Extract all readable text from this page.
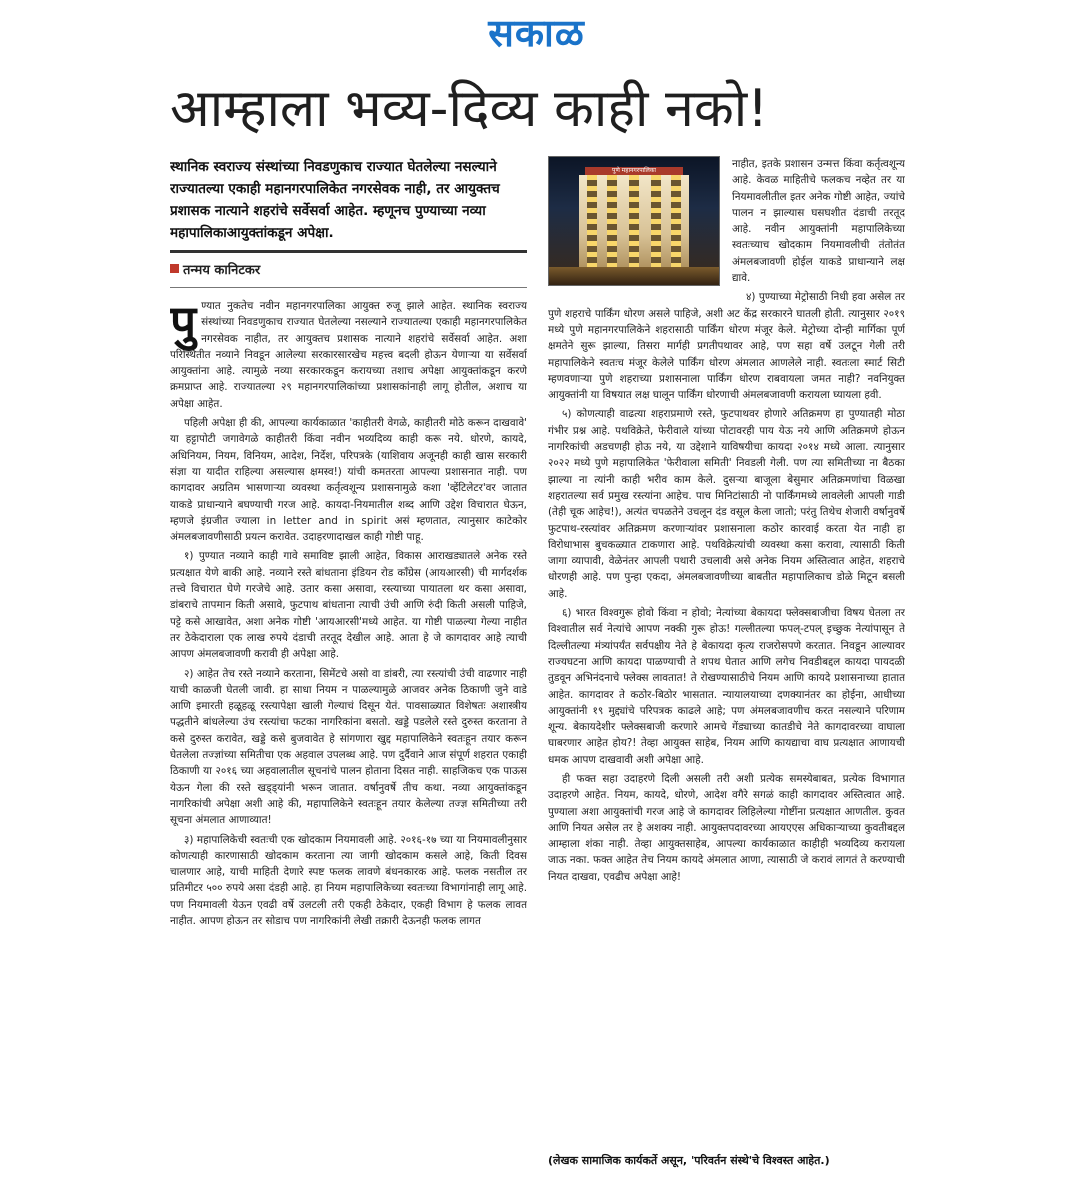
सकाळ
आम्हाला भव्य-दिव्य काही नको!
स्थानिक स्वराज्य संस्थांच्या निवडणुकाच राज्यात घेतलेल्या नसल्याने राज्यातल्या एकाही महानगरपालिकेत नगरसेवक नाही, तर आयुक्तच प्रशासक नात्याने शहरांचे सर्वेसर्वा आहेत. म्हणूनच पुण्याच्या नव्या महापालिकाआयुक्तांकडून अपेक्षा.
तन्मय कानिटकर

पुण्यात नुकतेच नवीन महानगरपालिका आयुक्त रुजू झाले आहेत. स्थानिक स्वराज्य संस्थांच्या निवडणुकाच राज्यात घेतलेल्या नसल्याने राज्यातल्या एकाही महानगरपालिकेत नगरसेवक नाहीत, तर आयुक्तच प्रशासक नात्याने शहरांचे सर्वेसर्वा आहेत. अशा परिस्थितीत नव्याने निवडून आलेल्या सरकारसारखेच महत्त्व बदली होऊन येणाऱ्या या सर्वेसर्वा आयुक्तांना आहे. त्यामुळे नव्या सरकारकडून करायच्या तशाच अपेक्षा आयुक्तांकडून करणे क्रमप्राप्त आहे. राज्यातल्या २९ महानगरपालिकांच्या प्रशासकांनाही लागू होतील, अशाच या अपेक्षा आहेत.

पहिली अपेक्षा ही की, आपल्या कार्यकाळात 'काहीतरी वेगळे, काहीतरी मोठे करून दाखवावे' या हट्टापोटी जगावेगळे काहीतरी किंवा नवीन भव्यदिव्य काही करू नये. धोरणे, कायदे, अधिनियम, नियम, विनियम, आदेश, निर्देश, परिपत्रके (याशिवाय अजूनही काही खास सरकारी संज्ञा या यादीत राहिल्या असल्यास क्षमस्व!) यांची कमतरता आपल्या प्रशासनात नाही. पण कागदावर अग्रतिम भासणाऱ्या व्यवस्था कर्तृत्वशून्य प्रशासनामुळे कशा 'व्हेंटिलेटर'वर जातात याकडे प्राधान्याने बघण्याची गरज आहे. कायदा-नियमातील शब्द आणि उद्देश विचारात घेऊन, म्हणजे इंग्रजीत ज्याला in letter and in spirit असं म्हणतात, त्यानुसार काटेकोर अंमलबजावणीसाठी प्रयत्न करावेत. उदाहरणादाखल काही गोष्टी पाहू.

१) पुण्यात नव्याने काही गावे समाविष्ट झाली आहेत, विकास आराखड्यातले अनेक रस्ते प्रत्यक्षात येणे बाकी आहे. नव्याने रस्ते बांधताना इंडियन रोड काँग्रेस (आयआरसी) ची मार्गदर्शक तत्त्वे विचारात घेणे गरजेचे आहे. उतार कसा असावा, रस्त्याच्या पायातला थर कसा असावा, डांबराचे तापमान किती असावे, फुटपाथ बांधताना त्याची उंची आणि रुंदी किती असली पाहिजे, पट्टे कसे आखावेत, अशा अनेक गोष्टी 'आयआरसी'मध्ये आहेत. या गोष्टी पाळल्या गेल्या नाहीत तर ठेकेदाराला एक लाख रुपये दंडाची तरतूद देखील आहे. आता हे जे कागदावर आहे त्याची आपण अंमलबजावणी करावी ही अपेक्षा आहे.

२) आहेत तेच रस्ते नव्याने करताना, सिमेंटचे असो वा डांबरी, त्या रस्त्यांची उंची वाढणार नाही याची काळजी घेतली जावी. हा साधा नियम न पाळल्यामुळे आजवर अनेक ठिकाणी जुने वाडे आणि इमारती हळूहळू रस्त्यापेक्षा खाली गेल्याचं दिसून येतं. पावसाळ्यात विशेषतः अशास्त्रीय पद्धतीने बांधलेल्या उंच रस्त्यांचा फटका नागरिकांना बसतो. खड्डे पडलेले रस्ते दुरुस्त करताना ते कसे दुरुस्त करावेत, खड्डे कसे बुजवावेत हे सांगणारा खुद्द महापालिकेने स्वतःहून तयार करून घेतलेला तज्ज्ञांच्या समितीचा एक अहवाल उपलब्ध आहे. पण दुर्दैवाने आज संपूर्ण शहरात एकाही ठिकाणी या २०१६ च्या अहवालातील सूचनांचे पालन होताना दिसत नाही. साहजिकच एक पाऊस येऊन गेला की रस्ते खड्ड्यांनी भरून जातात. वर्षानुवर्षे तीच कथा. नव्या आयुक्तांकडून नागरिकांची अपेक्षा अशी आहे की, महापालिकेने स्वतःहून तयार केलेल्या तज्ज्ञ समितीच्या तरी सूचना अंमलात आणाव्यात!

३) महापालिकेची स्वतःची एक खोदकाम नियमावली आहे. २०१६-१७ च्या या नियमावलीनुसार कोणत्याही कारणासाठी खोदकाम करताना त्या जागी खोदकाम कसले आहे, किती दिवस चालणार आहे, याची माहिती देणारे स्पष्ट फलक लावणे बंधनकारक आहे. फलक नसतील तर प्रतिमीटर ५०० रुपये असा दंडही आहे. हा नियम महापालिकेच्या स्वतःच्या विभागांनाही लागू आहे. पण नियमावली येऊन एवढी वर्षे उलटली तरी एकही ठेकेदार, एकही विभाग हे फलक लावत नाहीत. आपण होऊन तर सोडाच पण नागरिकांनी लेखी तक्रारी देऊनही फलक लागत

पुणे महानगरपालिका

नाहीत, इतके प्रशासन उन्मत्त किंवा कर्तृत्वशून्य आहे. केवळ माहितीचे फलकच नव्हेत तर या नियमावलीतील इतर अनेक गोष्टी आहेत, ज्यांचे पालन न झाल्यास घसघशीत दंडाची तरतूद आहे. नवीन आयुक्तांनी महापालिकेच्या स्वतःच्याच खोदकाम नियमावलीची तंतोतंत अंमलबजावणी होईल याकडे प्राधान्याने लक्ष द्यावे.

४) पुण्याच्या मेट्रोसाठी निधी हवा असेल तर पुणे शहराचे पार्किंग धोरण असले पाहिजे, अशी अट केंद्र सरकारने घातली होती. त्यानुसार २०१९ मध्ये पुणे महानगरपालिकेने शहरासाठी पार्किंग धोरण मंजूर केले. मेट्रोच्या दोन्ही मार्गिका पूर्ण क्षमतेने सुरू झाल्या, तिसरा मार्गही प्रगतीपथावर आहे, पण सहा वर्षे उलटून गेली तरी महापालिकेने स्वतःच मंजूर केलेले पार्किंग धोरण अंमलात आणलेले नाही. स्वतःला स्मार्ट सिटी म्हणवणाऱ्या पुणे शहराच्या प्रशासनाला पार्किंग धोरण राबवायला जमत नाही? नवनियुक्त आयुक्तांनी या विषयात लक्ष घालून पार्किंग धोरणाची अंमलबजावणी करायला घ्यायला हवी.

५) कोणत्याही वाढत्या शहराप्रमाणे रस्ते, फुटपाथवर होणारे अतिक्रमण हा पुण्यातही मोठा गंभीर प्रश्न आहे. पथविक्रेते, फेरीवाले यांच्या पोटावरही पाय येऊ नये आणि अतिक्रमणे होऊन नागरिकांची अडचणही होऊ नये, या उद्देशाने याविषयीचा कायदा २०१४ मध्ये आला. त्यानुसार २०२२ मध्ये पुणे महापालिकेत 'फेरीवाला समिती' निवडली गेली. पण त्या समितीच्या ना बैठका झाल्या ना त्यांनी काही भरीव काम केले. दुसऱ्या बाजूला बेसुमार अतिक्रमणांचा विळखा शहरातल्या सर्व प्रमुख रस्त्यांना आहेच. पाच मिनिटांसाठी नो पार्किंगमध्ये लावलेली आपली गाडी (तेही चूक आहेच!), अत्यंत चपळतेने उचलून दंड वसूल केला जातो; परंतु तिथेच शेजारी वर्षानुवर्षे फुटपाथ-रस्त्यांवर अतिक्रमण करणाऱ्यांवर प्रशासनाला कठोर कारवाई करता येत नाही हा विरोधाभास बुचकळ्यात टाकणारा आहे. पथविक्रेत्यांची व्यवस्था कसा करावा, त्यासाठी किती जागा व्यापावी, वेळेनंतर आपली पथारी उचलावी असे अनेक नियम अस्तित्वात आहेत, शहराचे धोरणही आहे. पण पुन्हा एकदा, अंमलबजावणीच्या बाबतीत महापालिकाच डोळे मिटून बसली आहे.

६) भारत विश्वगुरू होवो किंवा न होवो; नेत्यांच्या बेकायदा फ्लेक्सबाजीचा विषय घेतला तर विश्वातील सर्व नेत्यांचे आपण नक्की गुरू होऊ! गल्लीतल्या फपल्-टपल्‌ इच्छुक नेत्यांपासून ते दिल्लीतल्या मंत्र्यांपर्यंत सर्वपक्षीय नेते हे बेकायदा कृत्य राजरोसपणे करतात. निवडून आल्यावर राज्यघटना आणि कायदा पाळण्याची ते शपथ घेतात आणि लगेच निवडीबद्दल कायदा पायदळी तुडवून अभिनंदनाचे फ्लेक्स लावतात! ते रोखण्यासाठीचे नियम आणि कायदे प्रशासनाच्या हातात आहेत. कागदावर ते कठोर-बिठोर भासतात. न्यायालयाच्या दणक्यानंतर का होईना, आधीच्या आयुक्तांनी १९ मुद्द्यांचे परिपत्रक काढले आहे; पण अंमलबजावणीच करत नसल्याने परिणाम शून्य. बेकायदेशीर फ्लेक्सबाजी करणारे आमचे गेंड्याच्या कातडीचे नेते कागदावरच्या वाघाला घाबरणार आहेत होय?! तेव्हा आयुक्त साहेब, नियम आणि कायद्याचा वाघ प्रत्यक्षात आणायची धमक आपण दाखवावी अशी अपेक्षा आहे.

ही फक्त सहा उदाहरणे दिली असली तरी अशी प्रत्येक समस्येबाबत, प्रत्येक विभागात उदाहरणे आहेत. नियम, कायदे, धोरणे, आदेश वगैरे सगळं काही कागदावर अस्तित्वात आहे. पुण्याला अशा आयुक्तांची गरज आहे जे कागदावर लिहिलेल्या गोष्टींना प्रत्यक्षात आणतील. कुवत आणि नियत असेल तर हे अशक्य नाही. आयुक्तपदावरच्या आयएएस अधिकाऱ्याच्या कुवतीबद्दल आम्हाला शंका नाही. तेव्हा आयुक्तसाहेब, आपल्या कार्यकाळात काहीही भव्यदिव्य करायला जाऊ नका. फक्त आहेत तेच नियम कायदे अंमलात आणा, त्यासाठी जे करावं लागतं ते करण्याची नियत दाखवा, एवढीच अपेक्षा आहे!

(लेखक सामाजिक कार्यकर्ते असून, 'परिवर्तन संस्थे'चे विश्वस्त आहेत.)
